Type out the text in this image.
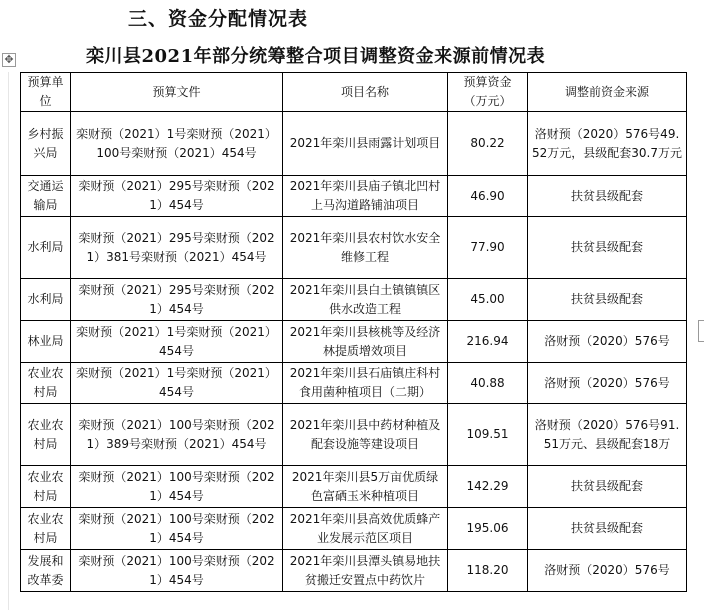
三、资金分配情况表
✥	栾川县2021年部分统筹整合项目调整资金来源前情况表
预算单位	预算文件	项目名称	预算资金（万元）	调整前资金来源
乡村振兴局	栾财预（2021）1号栾财预（2021）100号栾财预（2021）454号	2021年栾川县雨露计划项目	80.22	洛财预（2020）576号49.52万元，县级配套30.7万元
交通运输局	栾财预（2021）295号栾财预（2021）454号	2021年栾川县庙子镇北凹村上马沟道路铺油项目	46.90	扶贫县级配套
水利局	栾财预（2021）295号栾财预（2021）381号栾财预（2021）454号	2021年栾川县农村饮水安全维修工程	77.90	扶贫县级配套
水利局	栾财预（2021）295号栾财预（2021）454号	2021年栾川县白土镇镇镇区供水改造工程	45.00	扶贫县级配套
林业局	栾财预（2021）1号栾财预（2021）454号	2021年栾川县核桃等及经济林提质增效项目	216.94	洛财预（2020）576号
农业农村局	栾财预（2021）1号栾财预（2021）454号	2021年栾川县石庙镇庄科村食用菌种植项目（二期）	40.88	洛财预（2020）576号
农业农村局	栾财预（2021）100号栾财预（2021）389号栾财预（2021）454号	2021年栾川县中药材种植及配套设施等建设项目	109.51	洛财预（2020）576号91.51万元、县级配套18万
农业农村局	栾财预（2021）100号栾财预（2021）454号	2021年栾川县5万亩优质绿色富硒玉米种植项目	142.29	扶贫县级配套
农业农村局	栾财预（2021）100号栾财预（2021）454号	2021年栾川县高效优质蜂产业发展示范区项目	195.06	扶贫县级配套
发展和改革委	栾财预（2021）100号栾财预（2021）454号	2021年栾川县潭头镇易地扶贫搬迁安置点中药饮片	118.20	洛财预（2020）576号
